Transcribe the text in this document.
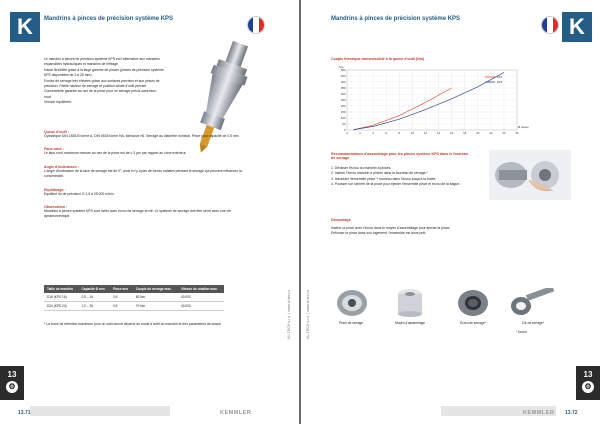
K	Mandrins à pinces de précision système KPS
Le mandrin à pinces de précision système KPS est l'alternative aux mandrins expansibles hydrauliques et mandrins de frettage.
Haute flexibilité grâce à la large gamme de pinces (pinces de précision système KPS disponibles de 3 à 25 mm).
Forces de serrage très élevées grâce aux surfaces précises et aux pinces de précision. Faible hauteur de serrage et position axiale d'outil précise.
Concentricité garantie au nez de la pince pour un serrage précis sans faux-rond.
Version équilibrée.
Queue d'outil :
Cylindrique DIN 1835-B forme A, DIN 6535 forme HA, tolérance h6. Serrage au diamètre nominal. Pince pour capacité de 0,5 mm.
Faux-rond :
Le faux-rond maximum mesuré au nez de la pince est de ≤ 3 µm par rapport au cône extérieur.
Angle d'inclinaison :
L'angle d'inclinaison de la face de serrage est de 0°, ainsi il n'y a pas de forces radiales pendant le serrage qui peuvent influencer la concentricité.
Equilibrage :
Equilibré fin de précision G 2,5 à 25 000 tr/min.
Observation :
Mandrins à pinces système KPS sont livrés avec écrou de serrage et clé. Le système de serrage doit être serré avec une clé dynamométrique.
Taille de mandrin	Capacité Ø mm	Pince mm	Couple de serrage max.	Vitesse de rotation max.
D16 (KPS 16)	0,5 – 16	0,5	60 Nm	40.000
D24 (KPS 24)	1,0 – 26	0,5	70 Nm	40.000
* La force de rétention maximum pour un outil donné dépend du mode d'arrêt du mandrin et des paramètres de coupe.	KL-TECH s.r.o. | www.kl-tec.cz
13
⚙
KEMMLER
13.71
Mandrins à pinces de précision système KPS	K
Couple théorique transmissible à la queue d'outil (Nm)
0
50
100
150
200
250
300
350
400
450
500
0	2	4	6	8	10	12	14	16	18	20	22	24	26
Nm
Ø queue
D16
D24
Recommandations d'assemblage pour les pinces système KPS dans le fourreau de serrage
1. Dévisser l'écrou du mandrin à pinces.
2. Insérer l'écrou mandrin à pinces dans la fourreau de serrage.*
3. Introduire l'ensemble pince + fourreau dans l'écrou jusqu'à la butée.
4. Pousser sur l'arrière de la pince pour éjecter l'ensemble pince et écrou de la bague.
Démontage
Insérer la pince avec l'écrou dans le moyen d'assemblage pour éjecter la pince. Enfoncer la pince dans son logement, l'ensemble est alors prêt.
Pince de serrage	Moyen d'assemblage	Écrou de serrage*	Clé de serrage*
* fourni
KL-TECH s.r.o. | www.kl-tec.cz
13
⚙
KEMMLER 13.72
